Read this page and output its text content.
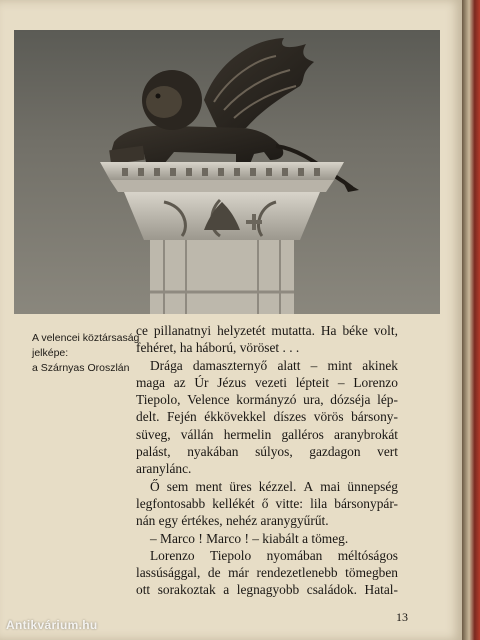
A velencei köztársaság
jelképe:
a Szárnyas Oroszlán
ce pillanatnyi helyzetét mutatta. Ha béke volt,
fehéret, ha háború, vöröset . . .
Drága damaszternyő alatt – mint akinek
maga az Úr Jézus vezeti lépteit – Lorenzo
Tiepolo, Velence kormányzó ura, dózséja lép-
delt. Fején ékkövekkel díszes vörös bársony-
süveg, vállán hermelin galléros aranybrokát
palást, nyakában súlyos, gazdagon vert
aranylánc.
Ő sem ment üres kézzel. A mai ünnepség
legfontosabb kellékét ő vitte: lila bársonypár-
nán egy értékes, nehéz aranygyűrűt.
– Marco ! Marco ! – kiabált a tömeg.
Lorenzo Tiepolo nyomában méltóságos
lassúsággal, de már rendezetlenebb tömegben
ott sorakoztak a legnagyobb családok. Hatal-
13
Antikvárium.hu
